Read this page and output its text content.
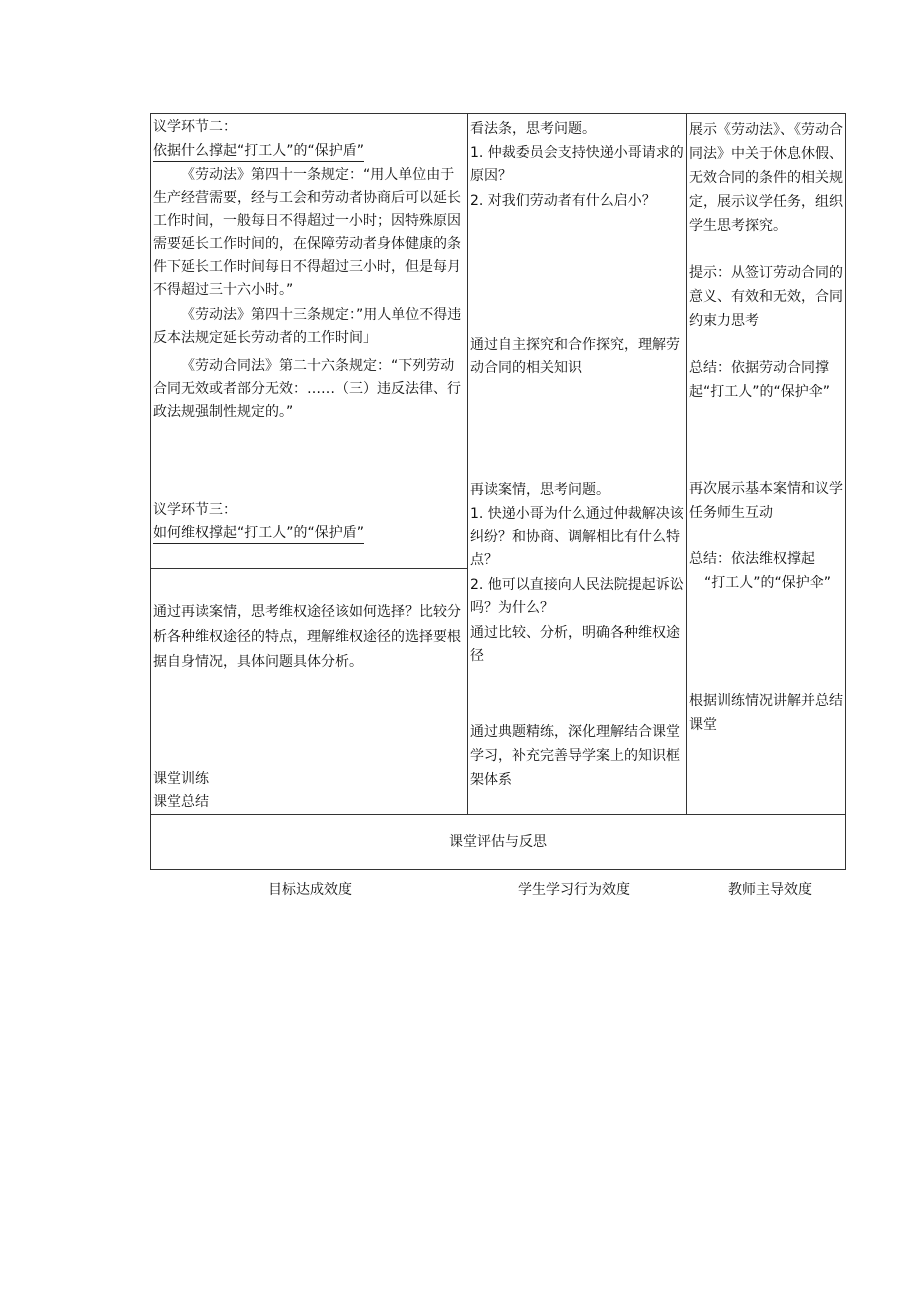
议学环节二：
依据什么撑起“打工人”的“保护盾”
《劳动法》第四十一条规定：“用人单位由于生产经营需要，经与工会和劳动者协商后可以延长工作时间，一般每日不得超过一小时；因特殊原因需要延长工作时间的，在保障劳动者身体健康的条件下延长工作时间每日不得超过三小时，但是每月不得超过三十六小时。”
《劳动法》第四十三条规定：”用人单位不得违反本法规定延长劳动者的工作时间」
《劳动合同法》第二十六条规定：“下列劳动合同无效或者部分无效：……（三）违反法律、行政法规强制性规定的。”
议学环节三：
如何维权撑起“打工人”的“保护盾”
通过再读案情，思考维权途径该如何选择？比较分析各种维权途径的特点，理解维权途径的选择要根据自身情况，具体问题具体分析。
课堂训练
课堂总结
看法条，思考问题。
1. 仲裁委员会支持快递小哥请求的原因？
2. 对我们劳动者有什么启小？
通过自主探究和合作探究，理解劳动合同的相关知识
再读案情，思考问题。
1. 快递小哥为什么通过仲裁解决该纠纷？和协商、调解相比有什么特点？
2. 他可以直接向人民法院提起诉讼吗？为什么？
通过比较、分析，明确各种维权途径
通过典题精练，深化理解结合课堂学习，补充完善导学案上的知识框架体系
展示《劳动法》、《劳动合同法》中关于休息休假、无效合同的条件的相关规定，展示议学任务，组织学生思考探究。
提示：从签订劳动合同的意义、有效和无效，合同约束力思考
总结：依据劳动合同撑起“打工人”的“保护伞”
再次展示基本案情和议学任务师生互动
总结：依法维权撑起
“打工人”的“保护伞”
根据训练情况讲解并总结课堂
课堂评估与反思
目标达成效度	学生学习行为效度	教师主导效度
